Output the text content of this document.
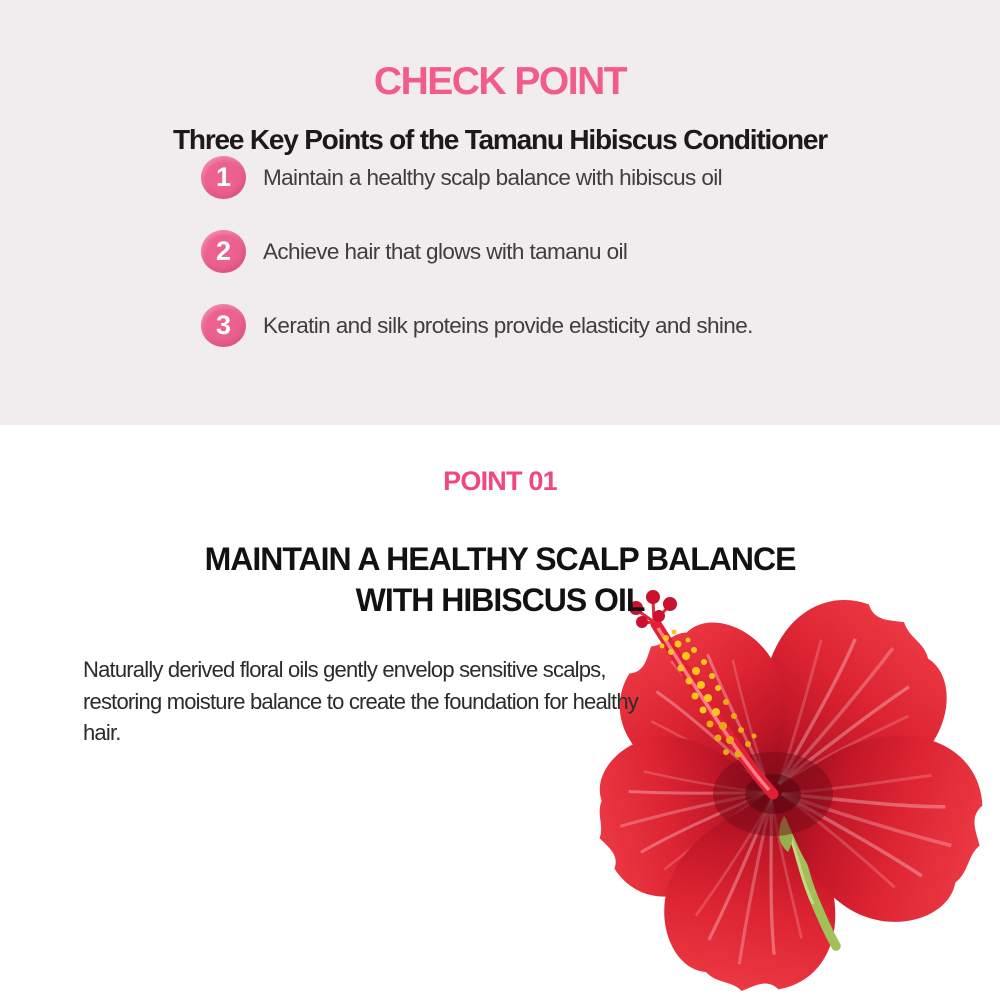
CHECK POINT
Three Key Points of the Tamanu Hibiscus Conditioner
1	Maintain a healthy scalp balance with hibiscus oil
2	Achieve hair that glows with tamanu oil
3	Keratin and silk proteins provide elasticity and shine.
POINT 01
MAINTAIN A HEALTHY SCALP BALANCE
WITH HIBISCUS OIL

Naturally derived floral oils gently envelop sensitive scalps, restoring moisture balance to create the foundation for healthy hair.
